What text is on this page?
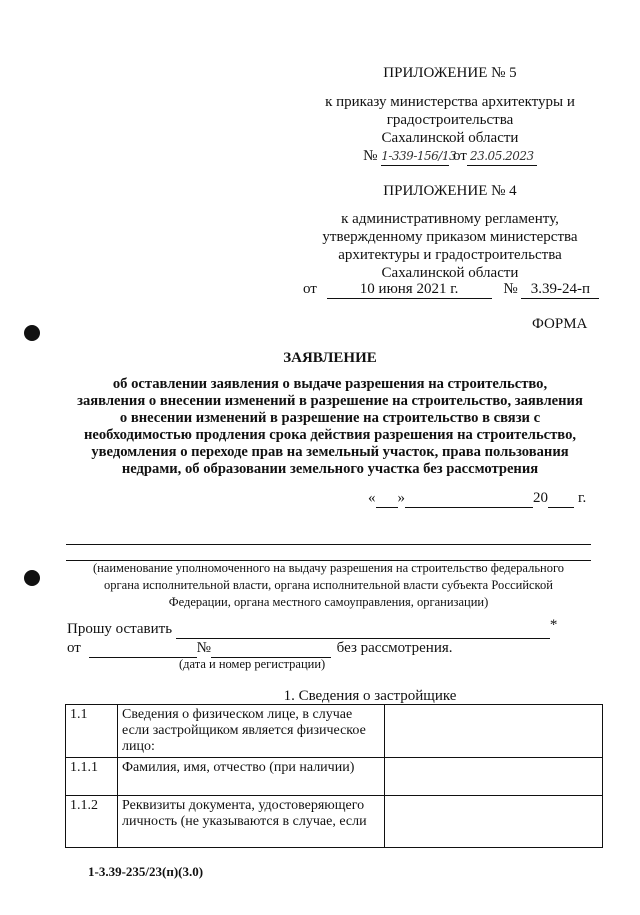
ПРИЛОЖЕНИЕ № 5
к приказу министерства архитектуры и
градостроительства
Сахалинской области
№ 1-339-156/13 от 23.05.2023
ПРИЛОЖЕНИЕ № 4
к административному регламенту,
утвержденному приказом министерства
архитектуры и градостроительства
Сахалинской области
от	10 июня 2021 г.	№ 3.39-24-п
ФОРМА
ЗАЯВЛЕНИЕ
об оставлении заявления о выдаче разрешения на строительство,
заявления о внесении изменений в разрешение на строительство, заявления
о внесении изменений в разрешение на строительство в связи с
необходимостью продления срока действия разрешения на строительство,
уведомления о переходе прав на земельный участок, права пользования
недрами, об образовании земельного участка без рассмотрения
« »	20 г.
(наименование уполномоченного на выдачу разрешения на строительство федерального
органа исполнительной власти, органа исполнительной власти субъекта Российской
Федерации, органа местного самоуправления, организации)
Прошу оставить	*
от	№	без рассмотрения.
(дата и номер регистрации)
1. Сведения о застройщике
1.1	Сведения о физическом лице, в случае если застройщиком является физическое лицо:	
1.1.1	Фамилия, имя, отчество (при наличии)	
1.1.2	Реквизиты документа, удостоверяющего личность (не указываются в случае, если	
1-3.39-235/23(п)(3.0)
